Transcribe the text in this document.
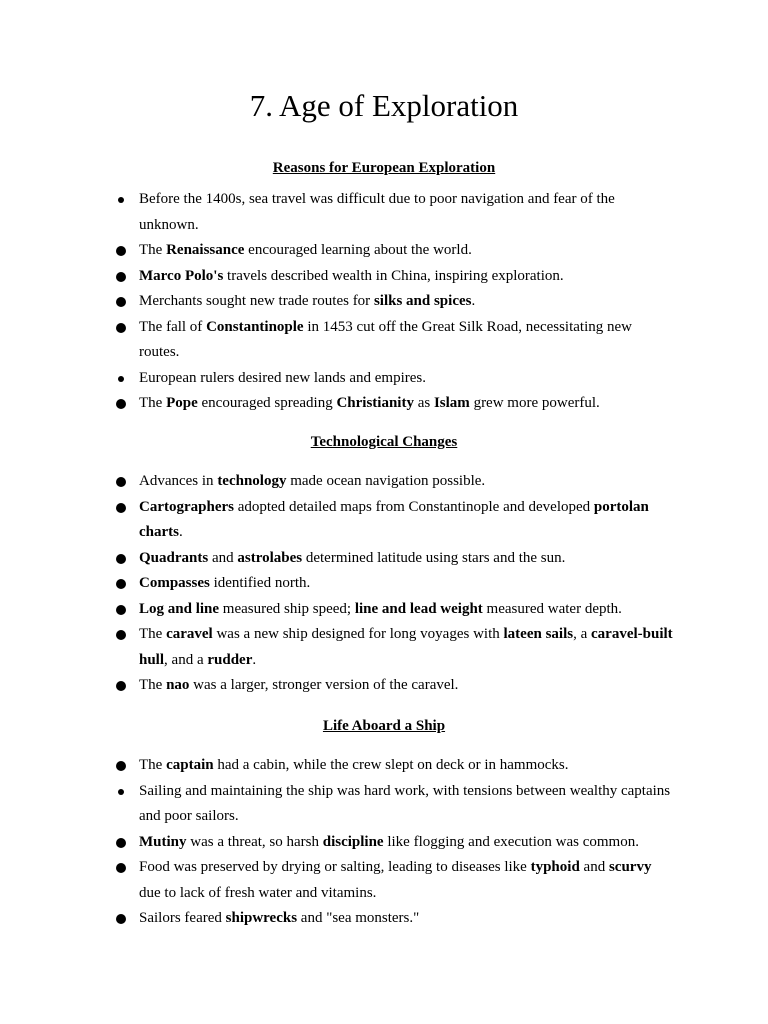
7. Age of Exploration
Reasons for European Exploration
Before the 1400s, sea travel was difficult due to poor navigation and fear of the unknown.
The Renaissance encouraged learning about the world.
Marco Polo's travels described wealth in China, inspiring exploration.
Merchants sought new trade routes for silks and spices.
The fall of Constantinople in 1453 cut off the Great Silk Road, necessitating new routes.
European rulers desired new lands and empires.
The Pope encouraged spreading Christianity as Islam grew more powerful.
Technological Changes
Advances in technology made ocean navigation possible.
Cartographers adopted detailed maps from Constantinople and developed portolan charts.
Quadrants and astrolabes determined latitude using stars and the sun.
Compasses identified north.
Log and line measured ship speed; line and lead weight measured water depth.
The caravel was a new ship designed for long voyages with lateen sails, a caravel-built hull, and a rudder.
The nao was a larger, stronger version of the caravel.
Life Aboard a Ship
The captain had a cabin, while the crew slept on deck or in hammocks.
Sailing and maintaining the ship was hard work, with tensions between wealthy captains and poor sailors.
Mutiny was a threat, so harsh discipline like flogging and execution was common.
Food was preserved by drying or salting, leading to diseases like typhoid and scurvy due to lack of fresh water and vitamins.
Sailors feared shipwrecks and "sea monsters."
